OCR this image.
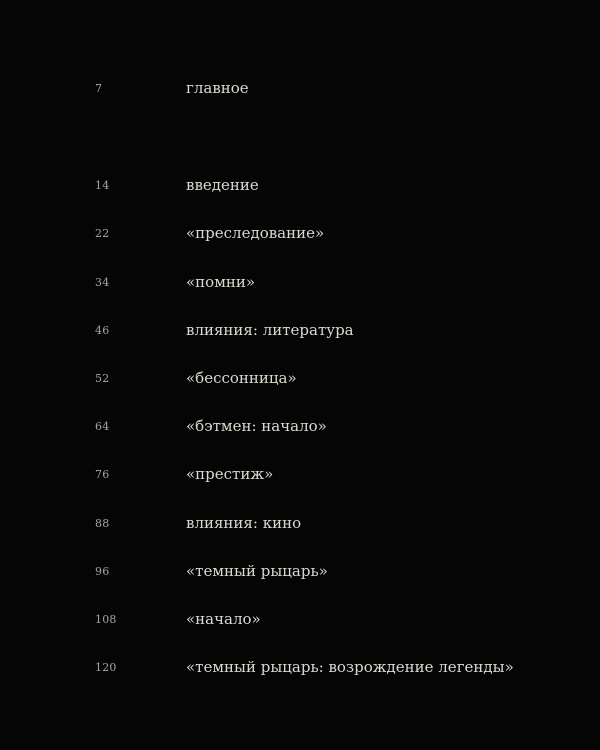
7	главное
14	введение
22	«преследование»
34	«помни»
46	влияния: литература
52	«бессонница»
64	«бэтмен: начало»
76	«престиж»
88	влияния: кино
96	«темный рыцарь»
108	«начало»
120	«темный рыцарь: возрождение легенды»
